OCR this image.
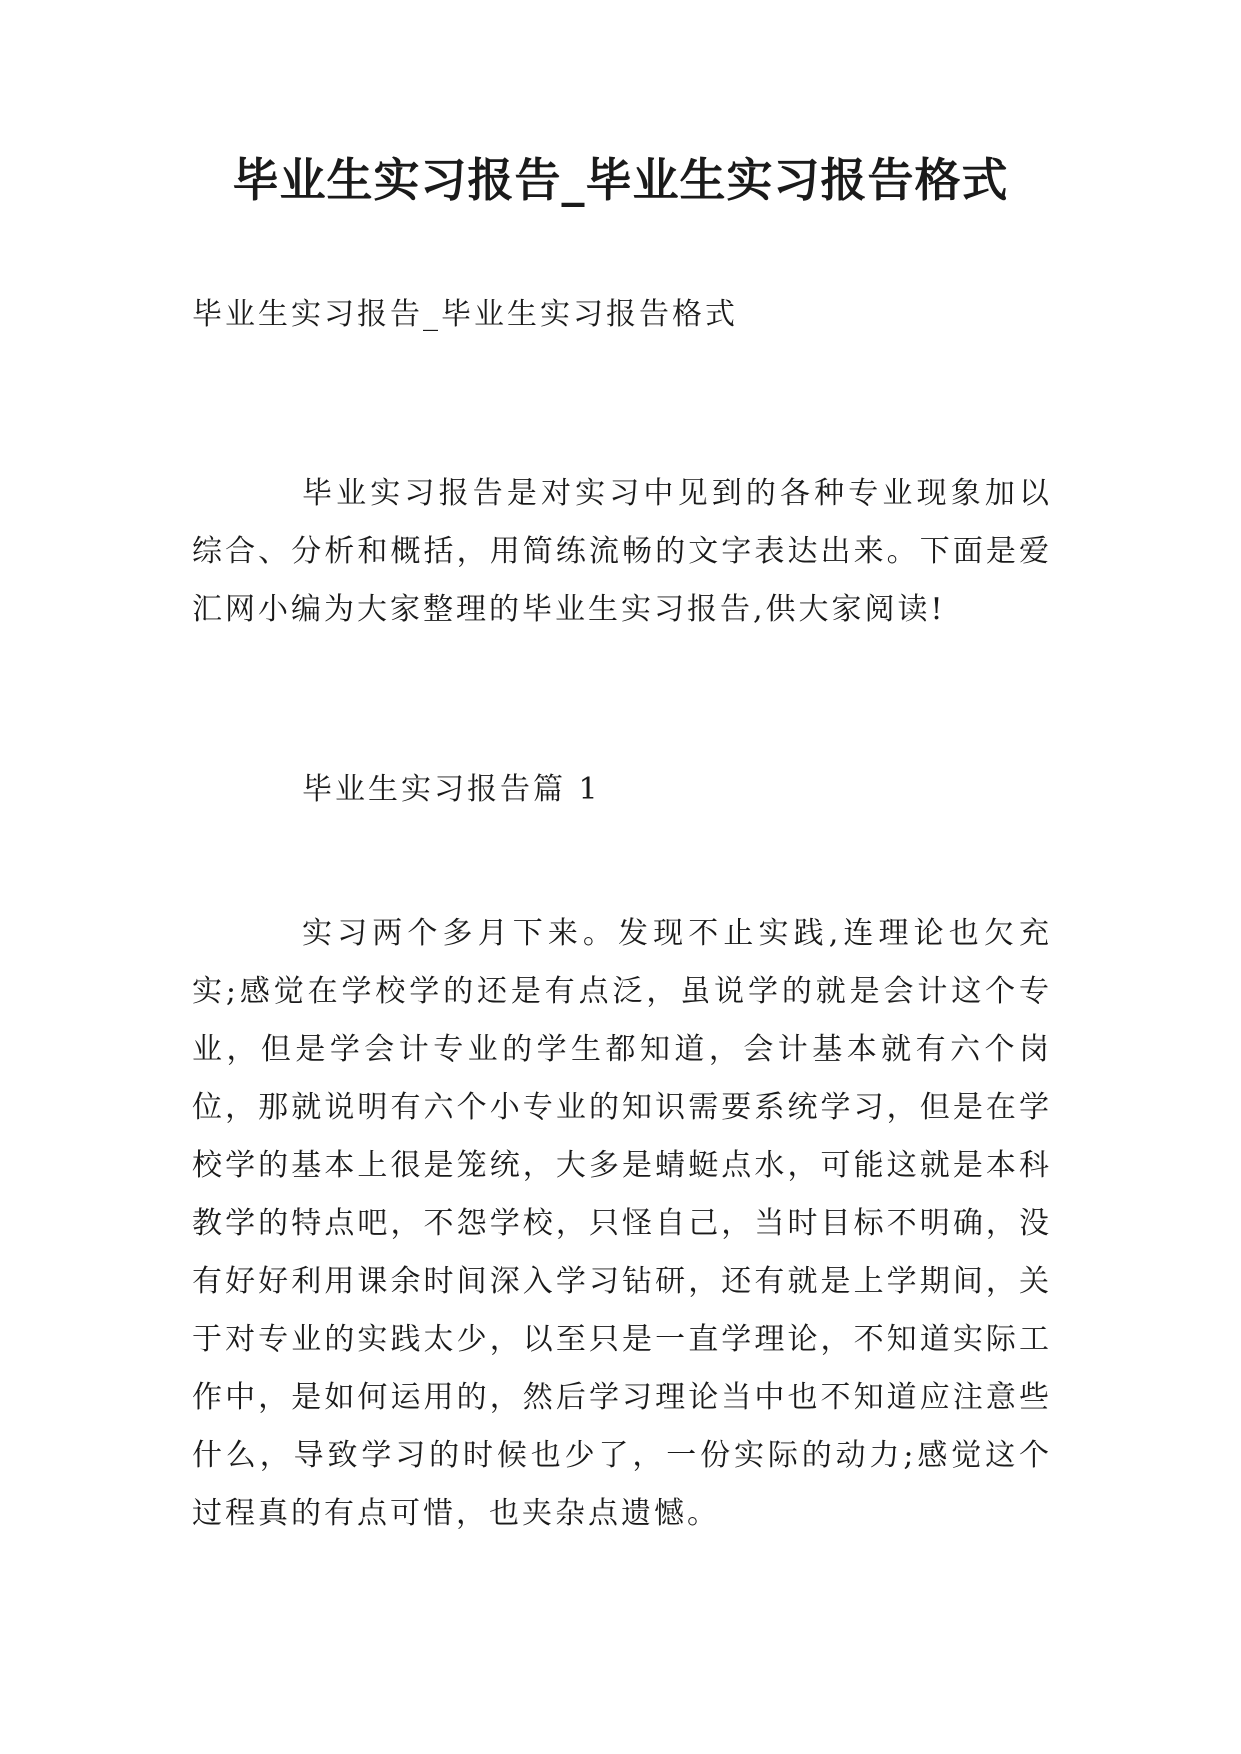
毕业生实习报告_毕业生实习报告格式

毕业生实习报告_毕业生实习报告格式

毕业实习报告是对实习中见到的各种专业现象加以综合、分析和概括，用简练流畅的文字表达出来。下面是爱汇网小编为大家整理的毕业生实习报告,供大家阅读!

毕业生实习报告篇 1

实习两个多月下来。发现不止实践,连理论也欠充实;感觉在学校学的还是有点泛，虽说学的就是会计这个专业，但是学会计专业的学生都知道，会计基本就有六个岗位，那就说明有六个小专业的知识需要系统学习，但是在学校学的基本上很是笼统，大多是蜻蜓点水，可能这就是本科教学的特点吧，不怨学校，只怪自己，当时目标不明确，没有好好利用课余时间深入学习钻研，还有就是上学期间，关于对专业的实践太少，以至只是一直学理论，不知道实际工作中，是如何运用的，然后学习理论当中也不知道应注意些什么，导致学习的时候也少了，一份实际的动力;感觉这个过程真的有点可惜，也夹杂点遗憾。
